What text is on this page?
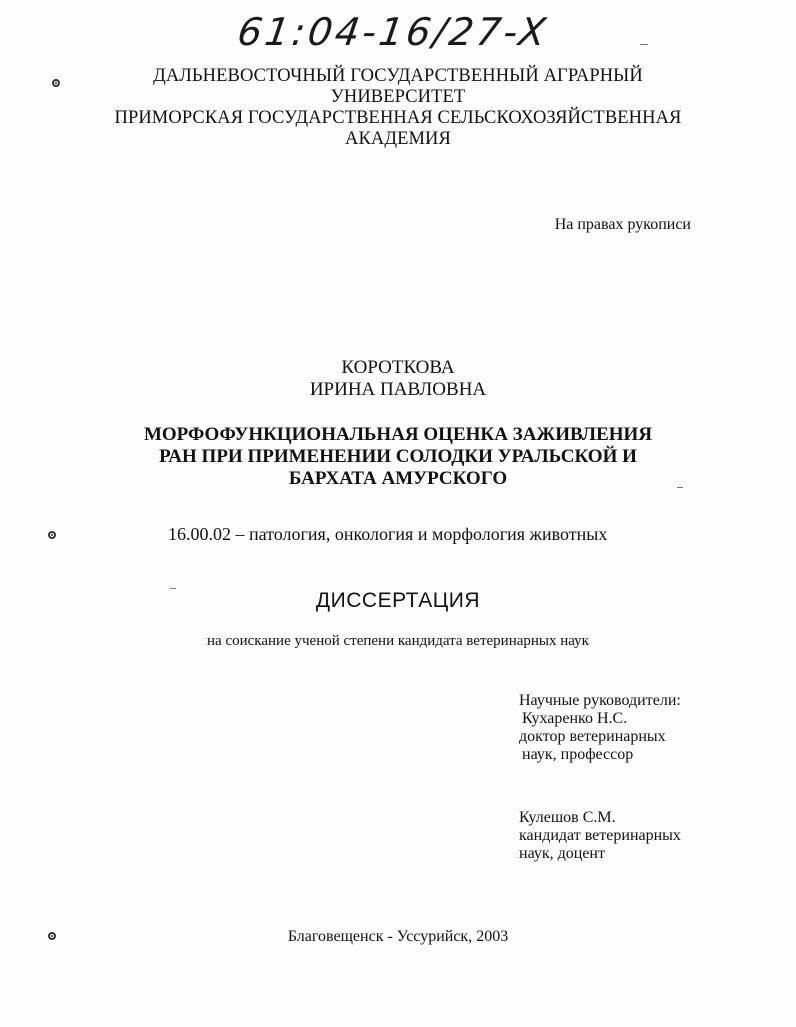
61:04-16/27-X
ДАЛЬНЕВОСТОЧНЫЙ ГОСУДАРСТВЕННЫЙ АГРАРНЫЙ
УНИВЕРСИТЕТ
ПРИМОРСКАЯ ГОСУДАРСТВЕННАЯ СЕЛЬСКОХОЗЯЙСТВЕННАЯ
АКАДЕМИЯ
На правах рукописи
КОРОТКОВА
ИРИНА ПАВЛОВНА
МОРФОФУНКЦИОНАЛЬНАЯ ОЦЕНКА ЗАЖИВЛЕНИЯ
РАН ПРИ ПРИМЕНЕНИИ СОЛОДКИ УРАЛЬСКОЙ И
БАРХАТА АМУРСКОГО
16.00.02 – патология, онкология и морфология животных
ДИССЕРТАЦИЯ
на соискание ученой степени кандидата ветеринарных наук
Научные руководители:
Кухаренко Н.С.
доктор ветеринарных
наук, профессор
Кулешов С.М.
кандидат ветеринарных
наук, доцент
Благовещенск - Уссурийск, 2003
